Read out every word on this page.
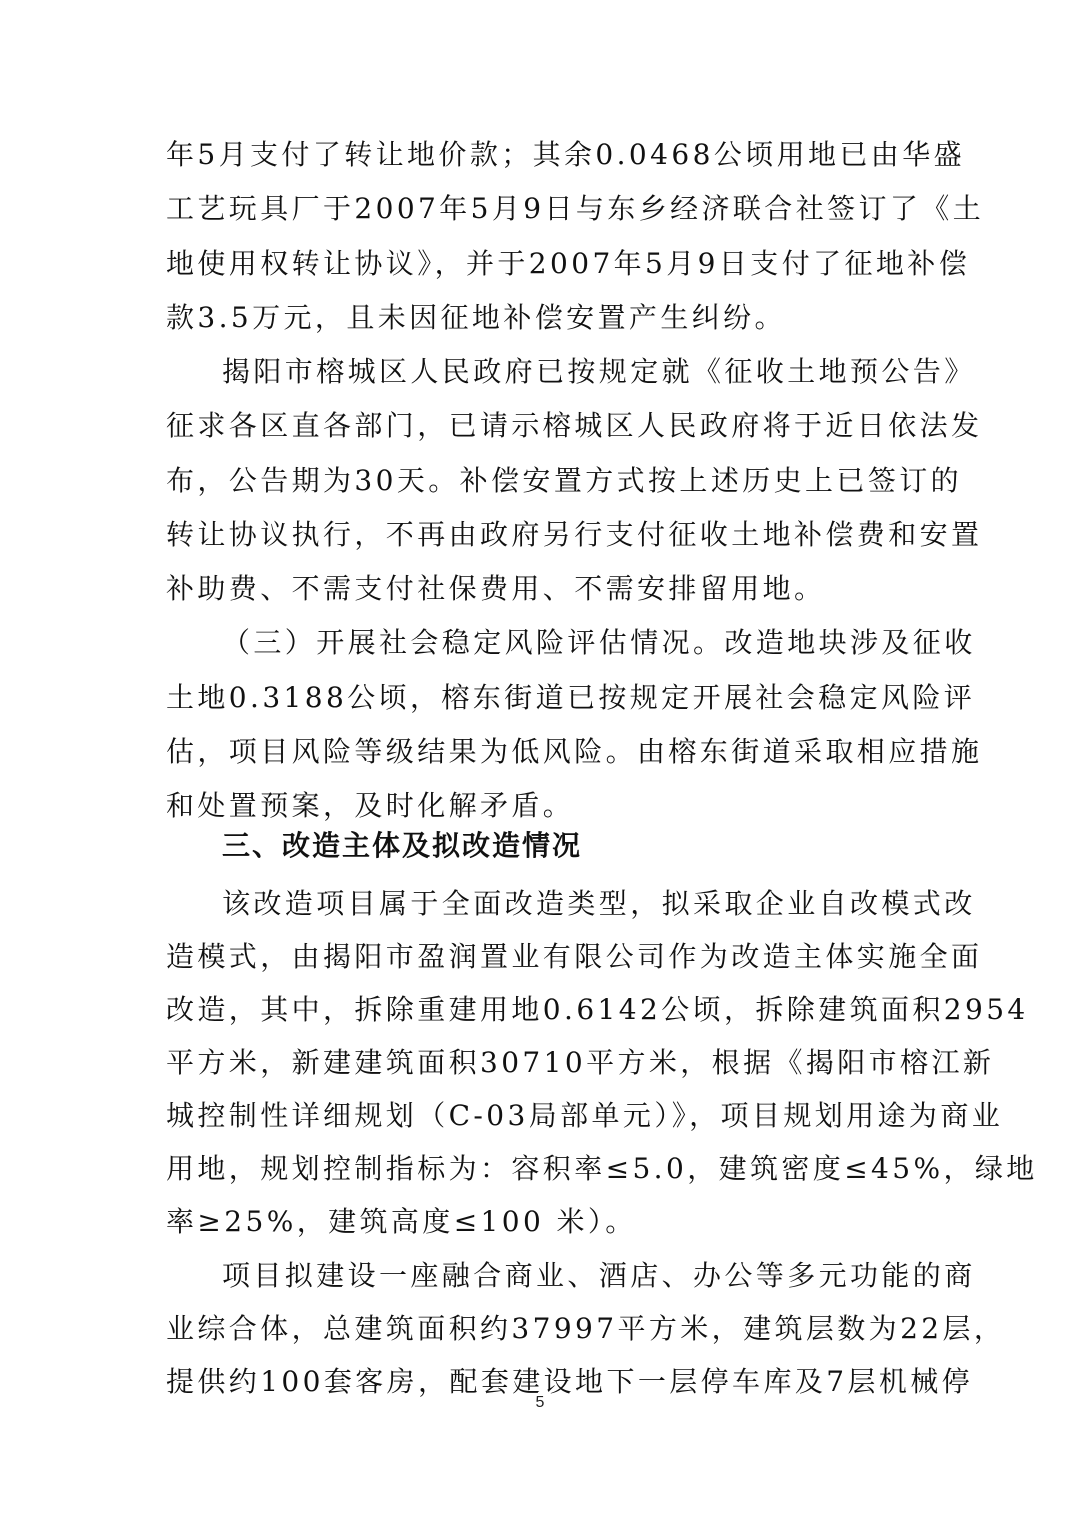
年5月支付了转让地价款；其余0.0468公顷用地已由华盛
工艺玩具厂于2007年5月9日与东乡经济联合社签订了《土
地使用权转让协议》，并于2007年5月9日支付了征地补偿
款3.5万元，且未因征地补偿安置产生纠纷。
揭阳市榕城区人民政府已按规定就《征收土地预公告》
征求各区直各部门，已请示榕城区人民政府将于近日依法发
布，公告期为30天。补偿安置方式按上述历史上已签订的
转让协议执行，不再由政府另行支付征收土地补偿费和安置
补助费、不需支付社保费用、不需安排留用地。
（三）开展社会稳定风险评估情况。改造地块涉及征收
土地0.3188公顷，榕东街道已按规定开展社会稳定风险评
估，项目风险等级结果为低风险。由榕东街道采取相应措施
和处置预案，及时化解矛盾。
三、改造主体及拟改造情况
该改造项目属于全面改造类型，拟采取企业自改模式改
造模式，由揭阳市盈润置业有限公司作为改造主体实施全面
改造，其中，拆除重建用地0.6142公顷，拆除建筑面积2954
平方米，新建建筑面积30710平方米，根据《揭阳市榕江新
城控制性详细规划（C-03局部单元）》，项目规划用途为商业
用地，规划控制指标为：容积率≤5.0，建筑密度≤45%，绿地
率≥25%，建筑高度≤100 米）。
项目拟建设一座融合商业、酒店、办公等多元功能的商
业综合体，总建筑面积约37997平方米，建筑层数为22层，
提供约100套客房，配套建设地下一层停车库及7层机械停
5
